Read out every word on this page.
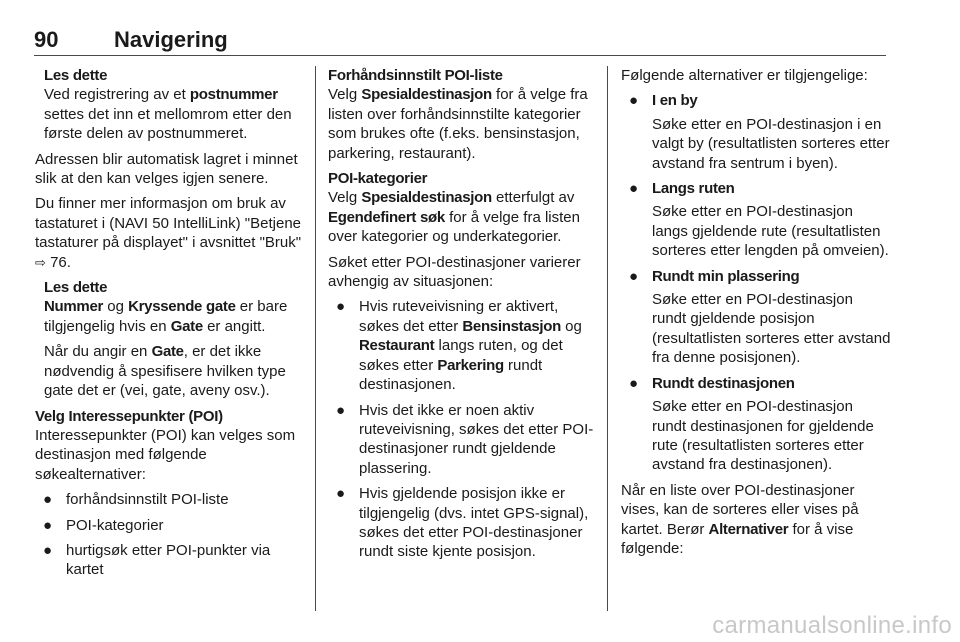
90	Navigering
Les dette

Ved registrering av et postnummer settes det inn et mellomrom etter den første delen av postnummeret.

Adressen blir automatisk lagret i minnet slik at den kan velges igjen senere.

Du finner mer informasjon om bruk av tastaturet i (NAVI 50 IntelliLink) "Betjene tastaturer på displayet" i avsnittet "Bruk" ⇨ 76.

Les dette

Nummer og Kryssende gate er bare tilgjengelig hvis en Gate er angitt.

Når du angir en Gate, er det ikke nødvendig å spesifisere hvilken type gate det er (vei, gate, aveny osv.).

Velg Interessepunkter (POI)

Interessepunkter (POI) kan velges som destinasjon med følgende søkealternativer:

● forhåndsinnstilt POI-liste
● POI-kategorier
● hurtigsøk etter POI-punkter via kartet
Forhåndsinnstilt POI-liste

Velg Spesialdestinasjon for å velge fra listen over forhåndsinnstilte kategorier som brukes ofte (f.eks. bensinstasjon, parkering, restaurant).

POI-kategorier

Velg Spesialdestinasjon etterfulgt av Egendefinert søk for å velge fra listen over kategorier og underkategorier.

Søket etter POI-destinasjoner varierer avhengig av situasjonen:

● Hvis ruteveivisning er aktivert, søkes det etter Bensinstasjon og Restaurant langs ruten, og det søkes etter Parkering rundt destinasjonen.
● Hvis det ikke er noen aktiv ruteveivisning, søkes det etter POI-destinasjoner rundt gjeldende plassering.
● Hvis gjeldende posisjon ikke er tilgjengelig (dvs. intet GPS-signal), søkes det etter POI-destinasjoner rundt siste kjente posisjon.

Følgende alternativer er tilgjengelige:

● I en by
Søke etter en POI-destinasjon i en valgt by (resultatlisten sorteres etter avstand fra sentrum i byen).
● Langs ruten
Søke etter en POI-destinasjon langs gjeldende rute (resultatlisten sorteres etter lengden på omveien).
● Rundt min plassering
Søke etter en POI-destinasjon rundt gjeldende posisjon (resultatlisten sorteres etter avstand fra denne posisjonen).
● Rundt destinasjonen
Søke etter en POI-destinasjon rundt destinasjonen for gjeldende rute (resultatlisten sorteres etter avstand fra destinasjonen).

Når en liste over POI-destinasjoner vises, kan de sorteres eller vises på kartet. Berør Alternativer for å vise følgende:

carmanualsonline.info
